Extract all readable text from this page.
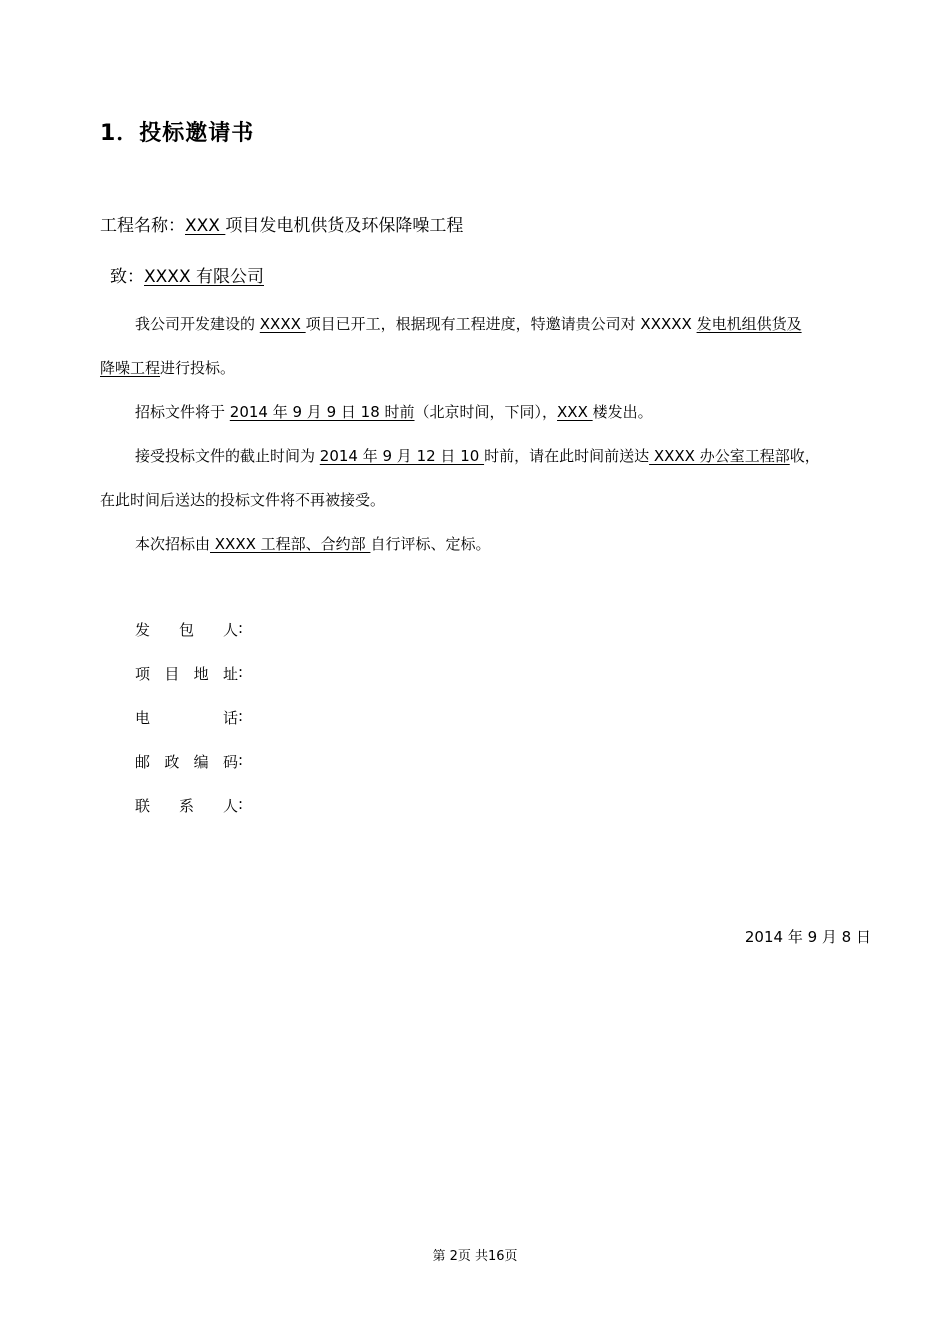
1．投标邀请书
工程名称：XXX 项目发电机供货及环保降噪工程
致：XXXX 有限公司
我公司开发建设的 XXXX 项目已开工，根据现有工程进度，特邀请贵公司对 XXXXX 发电机组供货及
降噪工程进行投标。
招标文件将于 2014 年 9 月 9 日 18 时前（北京时间，下同），XXX 楼发出。
接受投标文件的截止时间为 2014 年 9 月 12 日 10 时前，请在此时间前送达 XXXX 办公室工程部收，
在此时间后送达的投标文件将不再被接受。
本次招标由 XXXX 工程部、合约部 自行评标、定标。
发 包 人 :
项 目 地 址 :
电	话 :
邮 政 编 码 :
联 系 人 :
2014 年 9 月 8 日
第 2页 共16页
